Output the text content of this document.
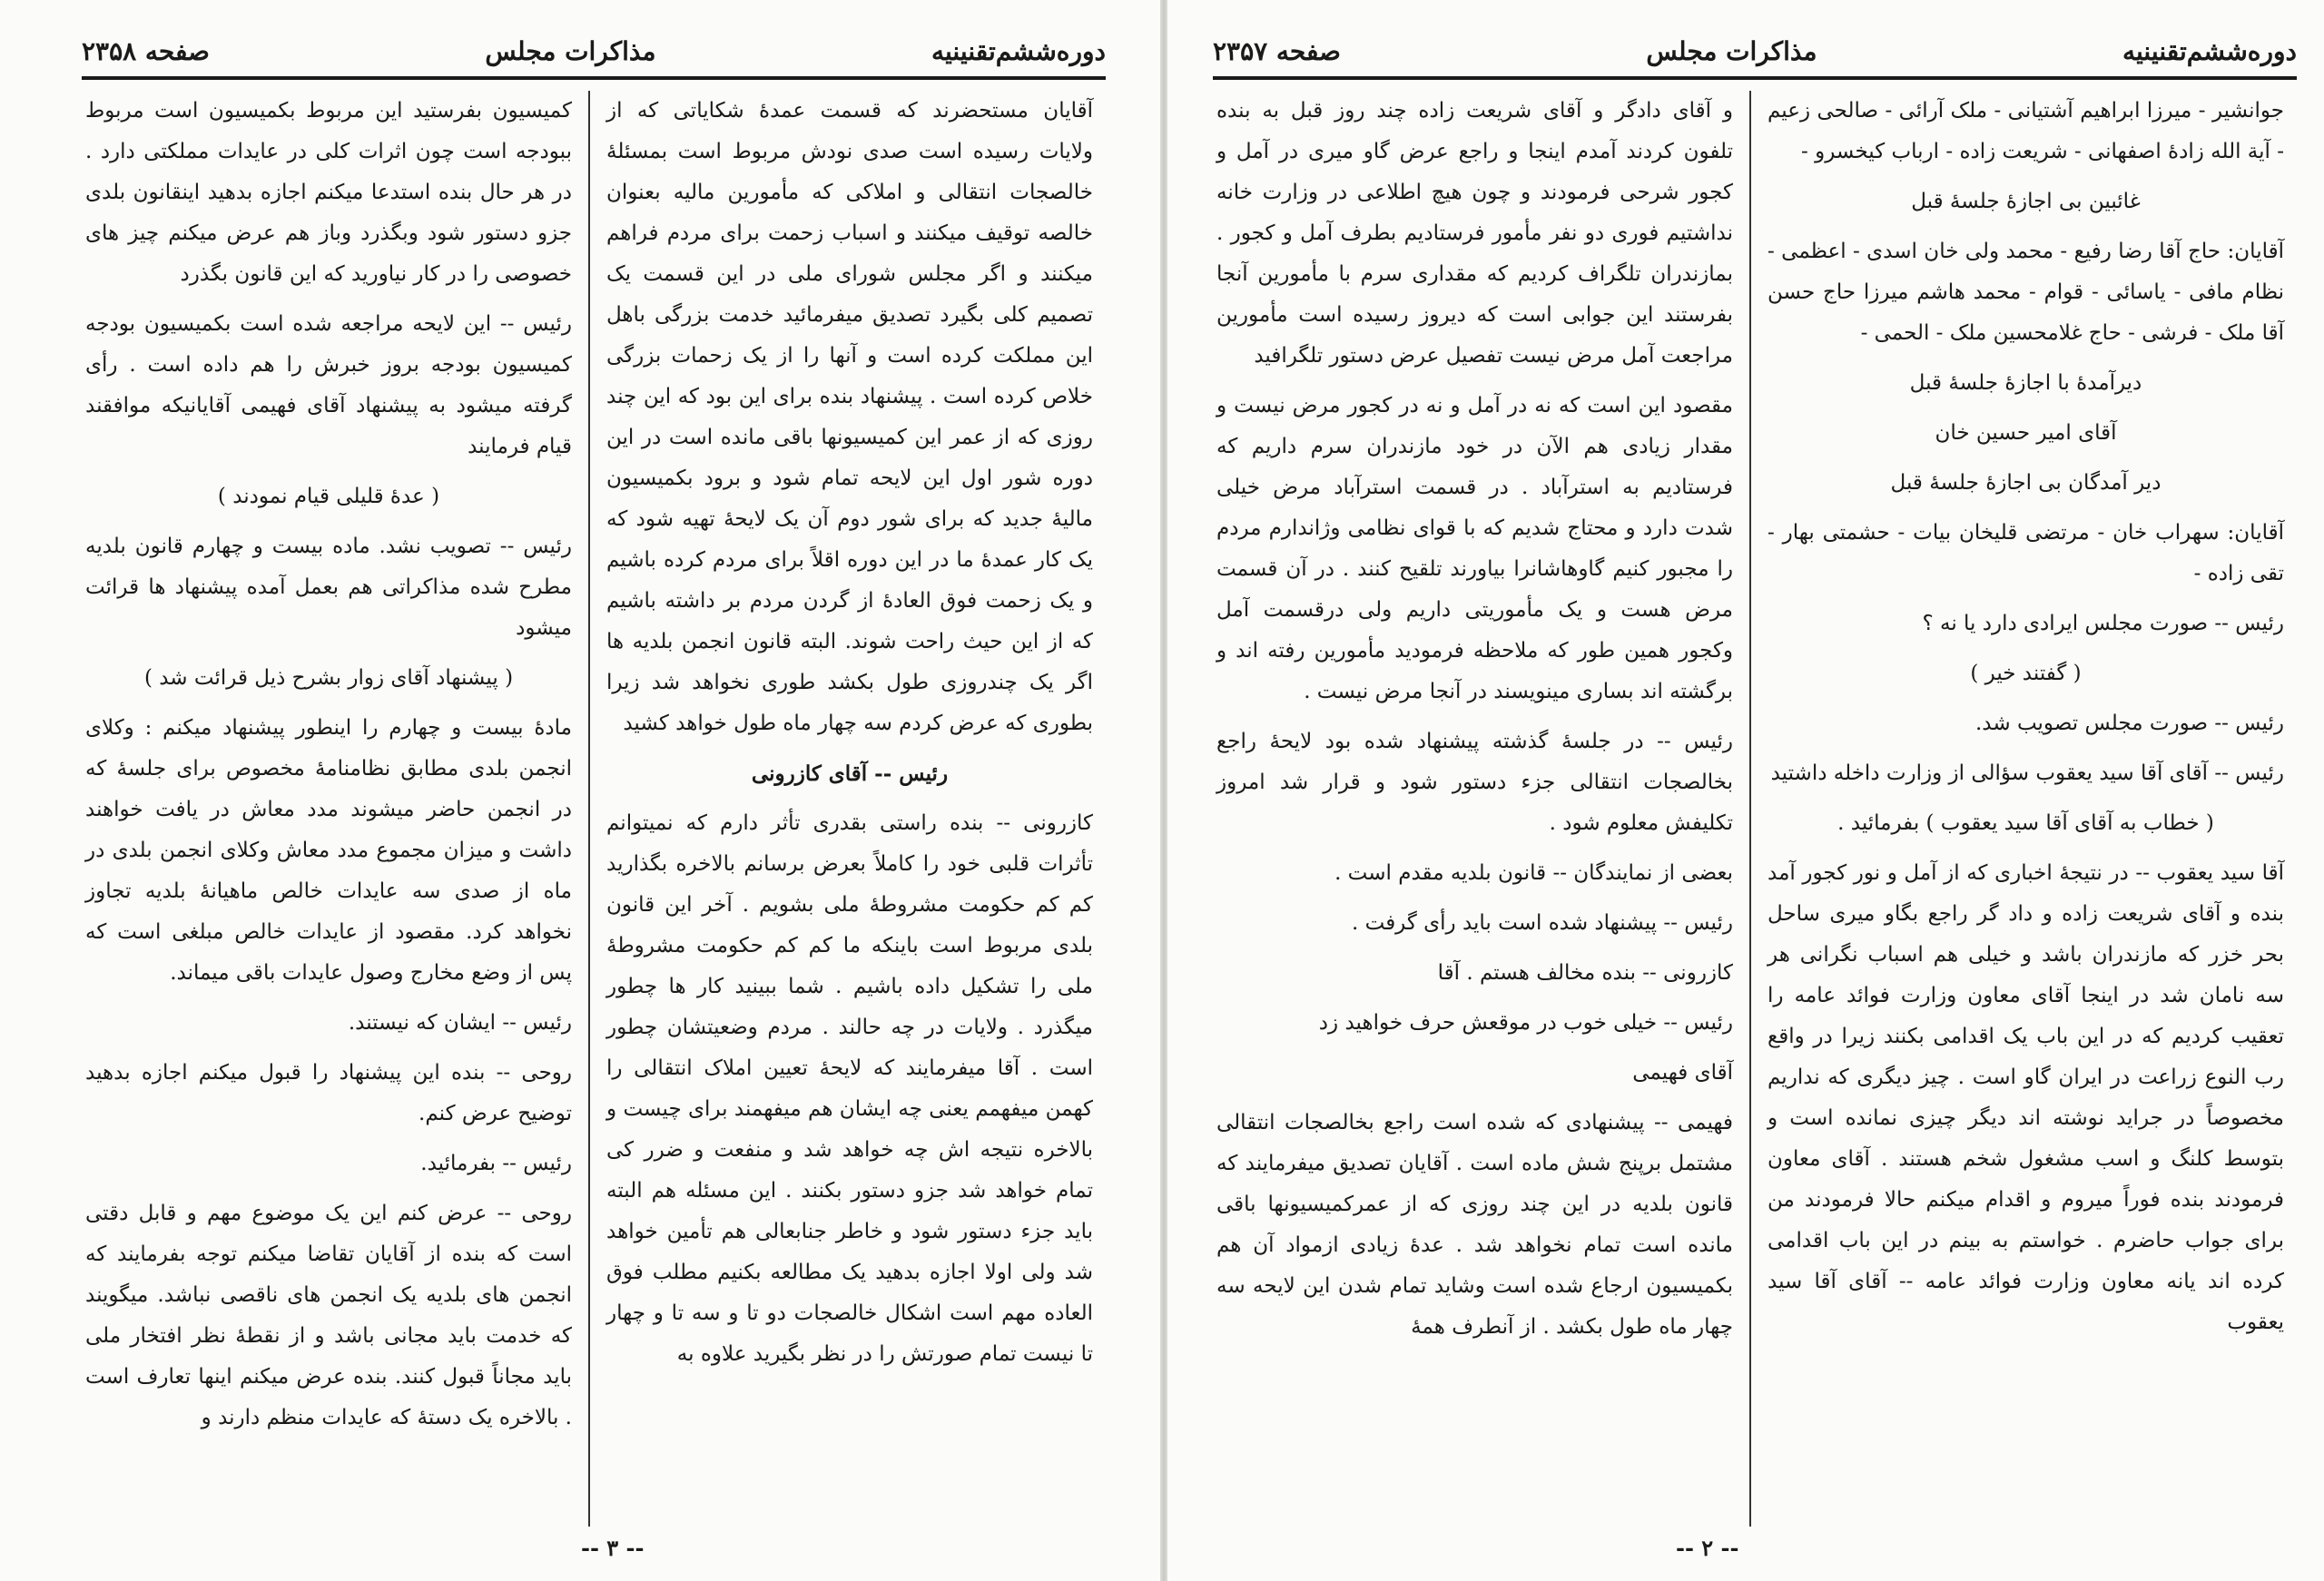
دوره‌ششم‌تقنینیه
مذاکرات مجلس
صفحه ۲۳۵۸

آقایان مستحضرند که قسمت عمدهٔ شکایاتی که از ولایات رسیده است صدی نودش مربوط است بمسئلهٔ خالصجات انتقالی و املاکی که مأمورین مالیه بعنوان خالصه توقیف میکنند و اسباب زحمت برای مردم فراهم میکنند و اگر مجلس شورای ملی در این قسمت یک تصمیم کلی بگیرد تصدیق میفرمائید خدمت بزرگی باهل این مملکت کرده است و آنها را از یک زحمات بزرگی خلاص کرده است . پیشنهاد بنده برای این بود که این چند روزی که از عمر این کمیسیونها باقی مانده است در این دوره شور اول این لایحه تمام شود و برود بکمیسیون مالیهٔ جدید که برای شور دوم آن یک لایحهٔ تهیه شود که یک کار عمدهٔ ما در این دوره اقلاً برای مردم کرده باشیم و یک زحمت فوق العادهٔ از گردن مردم بر داشته باشیم که از این حیث راحت شوند. البته قانون انجمن بلدیه ها اگر یک چندروزی طول بکشد طوری نخواهد شد زیرا بطوری که عرض کردم سه چهار ماه طول خواهد کشید

رئیس -- آقای کازرونی

کازرونی -- بنده راستی بقدری تأثر دارم که نمیتوانم تأثرات قلبی خود را کاملاً بعرض برسانم بالاخره بگذارید کم کم حکومت مشروطهٔ ملی بشویم . آخر این قانون بلدی مربوط است باینکه ما کم کم حکومت مشروطهٔ ملی را تشکیل داده باشیم . شما ببینید کار ها چطور میگذرد . ولایات در چه حالند . مردم وضعیتشان چطور است . آقا میفرمایند که لایحهٔ تعیین املاک انتقالی را کهمن میفهمم یعنی چه ایشان هم میفهمند برای چیست و بالاخره نتیجه اش چه خواهد شد و منفعت و ضرر کی تمام خواهد شد جزو دستور بکنند . این مسئله هم البته باید جزء دستور شود و خاطر جنابعالی هم تأمین خواهد شد ولی اولا اجازه بدهید یک مطالعه بکنیم مطلب فوق العاده مهم است اشکال خالصجات دو تا و سه تا و چهار تا نیست تمام صورتش را در نظر بگیرید علاوه به

کمیسیون بفرستید این مربوط بکمیسیون است مربوط ببودجه است چون اثرات کلی در عایدات مملکتی دارد . در هر حال بنده استدعا میکنم اجازه بدهید اینقانون بلدی جزو دستور شود وبگذرد وباز هم عرض میکنم چیز های خصوصی را در کار نیاورید که این قانون بگذرد

رئیس -- این لایحه مراجعه شده است بکمیسیون بودجه کمیسیون بودجه بروز خبرش را هم داده است . رأی گرفته میشود به پیشنهاد آقای فهیمی آقایانیکه موافقند قیام فرمایند

( عدهٔ قلیلی قیام نمودند )

رئیس -- تصویب نشد. ماده بیست و چهارم قانون بلدیه مطرح شده مذاکراتی هم بعمل آمده پیشنهاد ها قرائت میشود

( پیشنهاد آقای زوار بشرح ذیل قرائت شد )

مادهٔ بیست و چهارم را اینطور پیشنهاد میکنم : وکلای انجمن بلدی مطابق نظامنامهٔ مخصوص برای جلسهٔ که در انجمن حاضر میشوند مدد معاش در یافت خواهند داشت و میزان مجموع مدد معاش وکلای انجمن بلدی در ماه از صدی سه عایدات خالص ماهیانهٔ بلدیه تجاوز نخواهد کرد. مقصود از عایدات خالص مبلغی است که پس از وضع مخارج وصول عایدات باقی میماند.

رئیس -- ایشان که نیستند.

روحی -- بنده این پیشنهاد را قبول میکنم اجازه بدهید توضیح عرض کنم.

رئیس -- بفرمائید.

روحی -- عرض کنم این یک موضوع مهم و قابل دقتی است که بنده از آقایان تقاضا میکنم توجه بفرمایند که انجمن های بلدیه یک انجمن های ناقصی نباشد. میگویند که خدمت باید مجانی باشد و از نقطهٔ نظر افتخار ملی باید مجاناً قبول کنند. بنده عرض میکنم اینها تعارف است . بالاخره یک دستهٔ که عایدات منظم دارند و

-- ۳ --
دوره‌ششم‌تقنینیه
مذاکرات مجلس
صفحه ۲۳۵۷

جوانشیر - میرزا ابراهیم آشتیانی - ملک آرائی - صالحی زعیم - آیة الله زادهٔ اصفهانی - شریعت زاده - ارباب کیخسرو -

غائبین بی اجازهٔ جلسهٔ قبل

آقایان: حاج آقا رضا رفیع - محمد ولی خان اسدی - اعظمی - نظام مافی - یاسائی - قوام - محمد هاشم میرزا حاج حسن آقا ملک - فرشی - حاج غلامحسین ملک - الحمی -

دیرآمدهٔ با اجازهٔ جلسهٔ قبل

آقای امیر حسین خان

دیر آمدگان بی اجازهٔ جلسهٔ قبل

آقایان: سهراب خان - مرتضی قلیخان بیات - حشمتی بهار - تقی زاده -

رئیس -- صورت مجلس ایرادی دارد یا نه ؟

( گفتند خیر )

رئیس -- صورت مجلس تصویب شد.

رئیس -- آقای آقا سید یعقوب سؤالی از وزارت داخله داشتید

( خطاب به آقای آقا سید یعقوب ) بفرمائید .

آقا سید یعقوب -- در نتیجهٔ اخباری که از آمل و نور کجور آمد بنده و آقای شریعت زاده و داد گر راجع بگاو میری ساحل بحر خزر که مازندران باشد و خیلی هم اسباب نگرانی هر سه نامان شد در اینجا آقای معاون وزارت فوائد عامه را تعقیب کردیم که در این باب یک اقدامی بکنند زیرا در واقع رب النوع زراعت در ایران گاو است . چیز دیگری که نداریم مخصوصاً در جراید نوشته اند دیگر چیزی نمانده است و بتوسط کلنگ و اسب مشغول شخم هستند . آقای معاون فرمودند بنده فوراً میروم و اقدام میکنم حالا فرمودند من برای جواب حاضرم . خواستم به بینم در این باب اقدامی کرده اند یانه معاون وزارت فوائد عامه -- آقای آقا سید یعقوب

و آقای دادگر و آقای شریعت زاده چند روز قبل به بنده تلفون کردند آمدم اینجا و راجع عرض گاو میری در آمل و کجور شرحی فرمودند و چون هیچ اطلاعی در وزارت خانه نداشتیم فوری دو نفر مأمور فرستادیم بطرف آمل و کجور . بمازندران تلگراف کردیم که مقداری سرم با مأمورین آنجا بفرستند این جوابی است که دیروز رسیده است مأمورین مراجعت آمل مرض نیست تفصیل عرض دستور تلگرافید

مقصود این است که نه در آمل و نه در کجور مرض نیست و مقدار زیادی هم الآن در خود مازندران سرم داریم که فرستادیم به استرآباد . در قسمت استرآباد مرض خیلی شدت دارد و محتاج شدیم که با قوای نظامی وژاندارم مردم را مجبور کنیم گاوهاشانرا بیاورند تلقیح کنند . در آن قسمت مرض هست و یک مأموریتی داریم ولی درقسمت آمل وکجور همین طور که ملاحظه فرمودید مأمورین رفته اند و برگشته اند بساری مینویسند در آنجا مرض نیست .

رئیس -- در جلسهٔ گذشته پیشنهاد شده بود لایحهٔ راجع بخالصجات انتقالی جزء دستور شود و قرار شد امروز تکلیفش معلوم شود .

بعضی از نمایندگان -- قانون بلدیه مقدم است .

رئیس -- پیشنهاد شده است باید رأی گرفت .

کازرونی -- بنده مخالف هستم . آقا

رئیس -- خیلی خوب در موقعش حرف خواهید زد

آقای فهیمی

فهیمی -- پیشنهادی که شده است راجع بخالصجات انتقالی مشتمل برپنج شش ماده است . آقایان تصدیق میفرمایند که قانون بلدیه در این چند روزی که از عمرکمیسیونها باقی مانده است تمام نخواهد شد . عدهٔ زیادی ازمواد آن هم بکمیسیون ارجاع شده است وشاید تمام شدن این لایحه سه چهار ماه طول بکشد . از آنطرف همهٔ

-- ۲ --
